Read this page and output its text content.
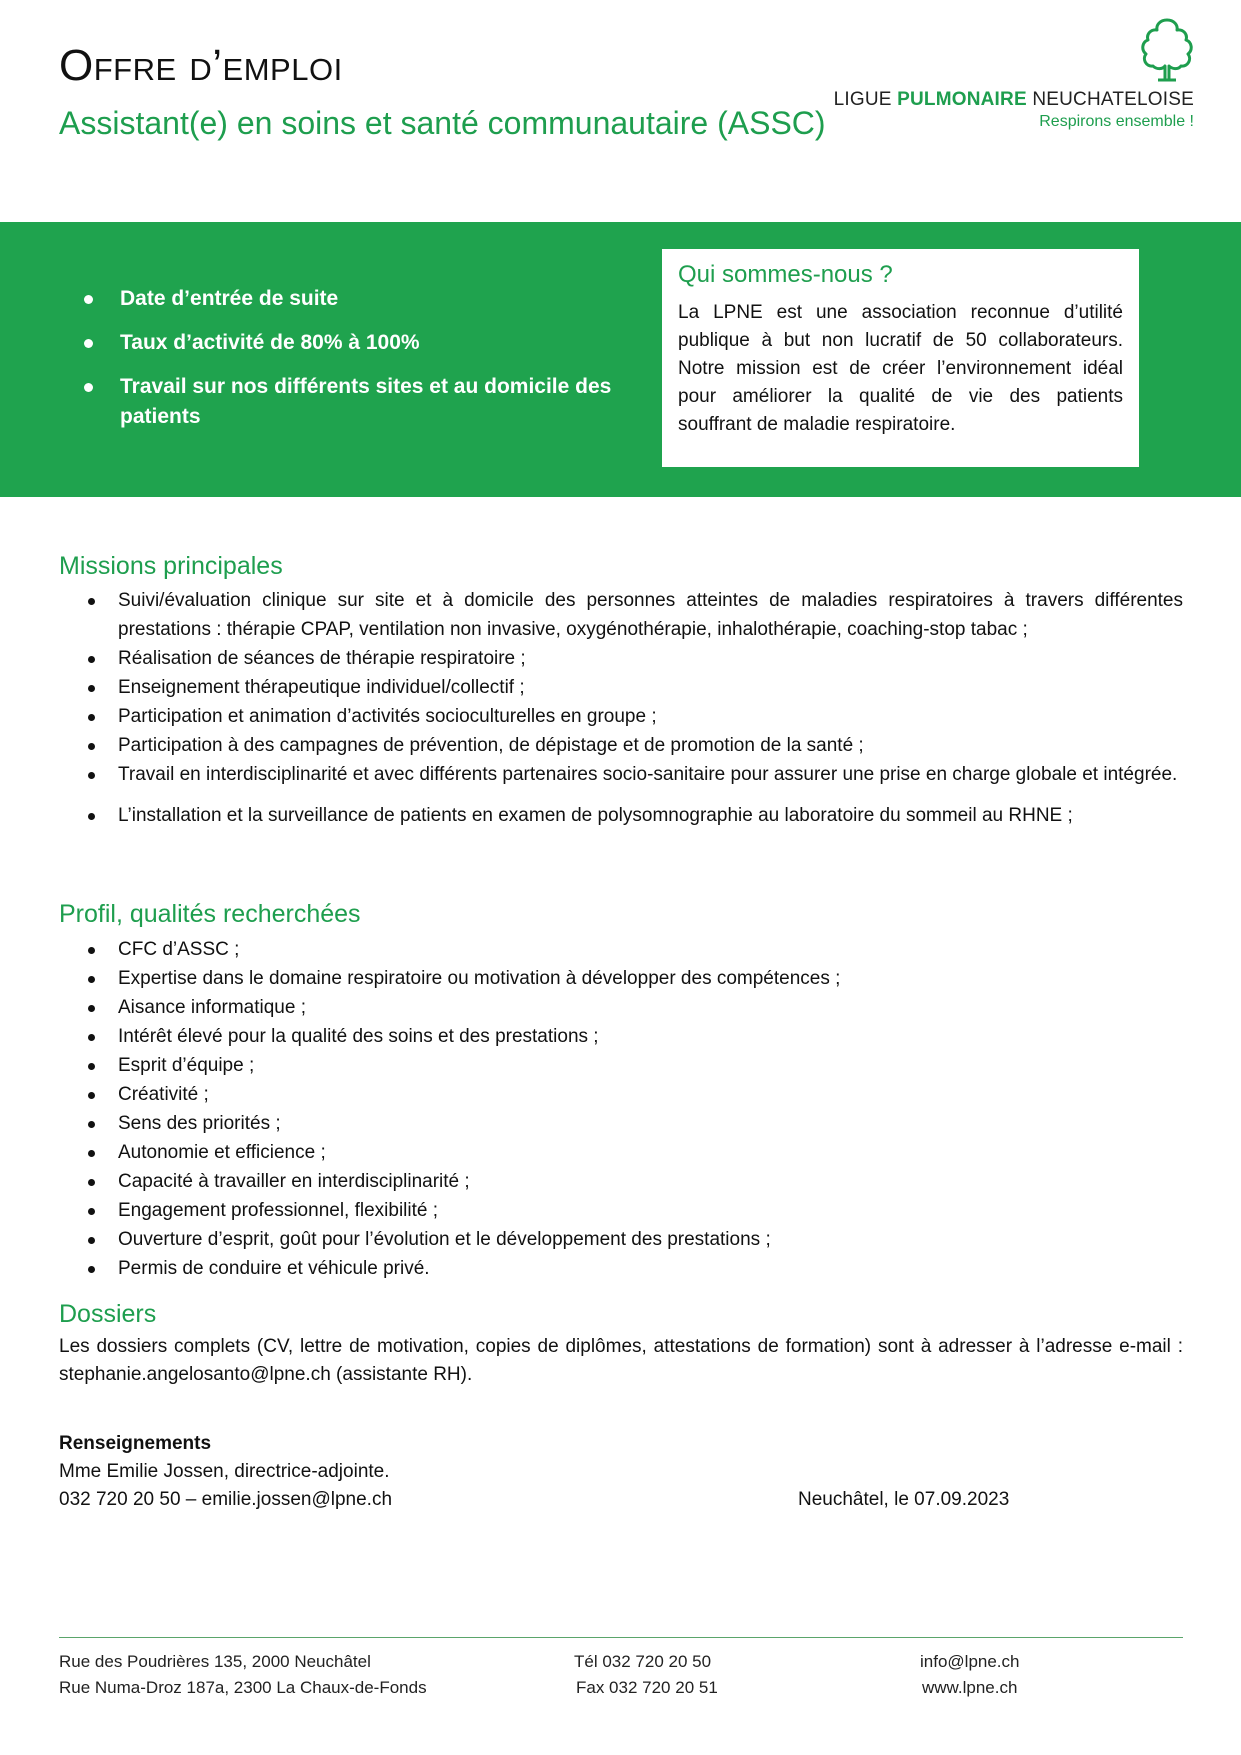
Offre d’emploi
Assistant(e) en soins et santé communautaire (ASSC)
LIGUE PULMONAIRE NEUCHATELOISE
Respirons ensemble !
Date d’entrée de suite
Taux d’activité de 80% à 100%
Travail sur nos différents sites et au domicile des patients
Qui sommes-nous ?

La LPNE est une association reconnue d’utilité publique à but non lucratif de 50 collaborateurs. Notre mission est de créer l’environnement idéal pour améliorer la qualité de vie des patients souffrant de maladie respiratoire.

Missions principales
Suivi/évaluation clinique sur site et à domicile des personnes atteintes de maladies respiratoires à travers différentes prestations : thérapie CPAP, ventilation non invasive, oxygénothérapie, inhalothérapie, coaching-stop tabac ;
Réalisation de séances de thérapie respiratoire ;
Enseignement thérapeutique individuel/collectif ;
Participation et animation d’activités socioculturelles en groupe ;
Participation à des campagnes de prévention, de dépistage et de promotion de la santé ;
Travail en interdisciplinarité et avec différents partenaires socio-sanitaire pour assurer une prise en charge globale et intégrée.
L’installation et la surveillance de patients en examen de polysomnographie au laboratoire du sommeil au RHNE ;
Profil, qualités recherchées
CFC d’ASSC ;
Expertise dans le domaine respiratoire ou motivation à développer des compétences ;
Aisance informatique ;
Intérêt élevé pour la qualité des soins et des prestations ;
Esprit d’équipe ;
Créativité ;
Sens des priorités ;
Autonomie et efficience ;
Capacité à travailler en interdisciplinarité ;
Engagement professionnel, flexibilité ;
Ouverture d’esprit, goût pour l’évolution et le développement des prestations ;
Permis de conduire et véhicule privé.
Dossiers

Les dossiers complets (CV, lettre de motivation, copies de diplômes, attestations de formation) sont à adresser à l’adresse e-mail : stephanie.angelosanto@lpne.ch (assistante RH).

Renseignements
Mme Emilie Jossen, directrice-adjointe.
032 720 20 50 – emilie.jossen@lpne.ch	Neuchâtel, le 07.09.2023
Rue des Poudrières 135, 2000 Neuchâtel
Rue Numa-Droz 187a, 2300 La Chaux-de-Fonds
Tél 032 720 20 50
Fax 032 720 20 51
info@lpne.ch
www.lpne.ch
